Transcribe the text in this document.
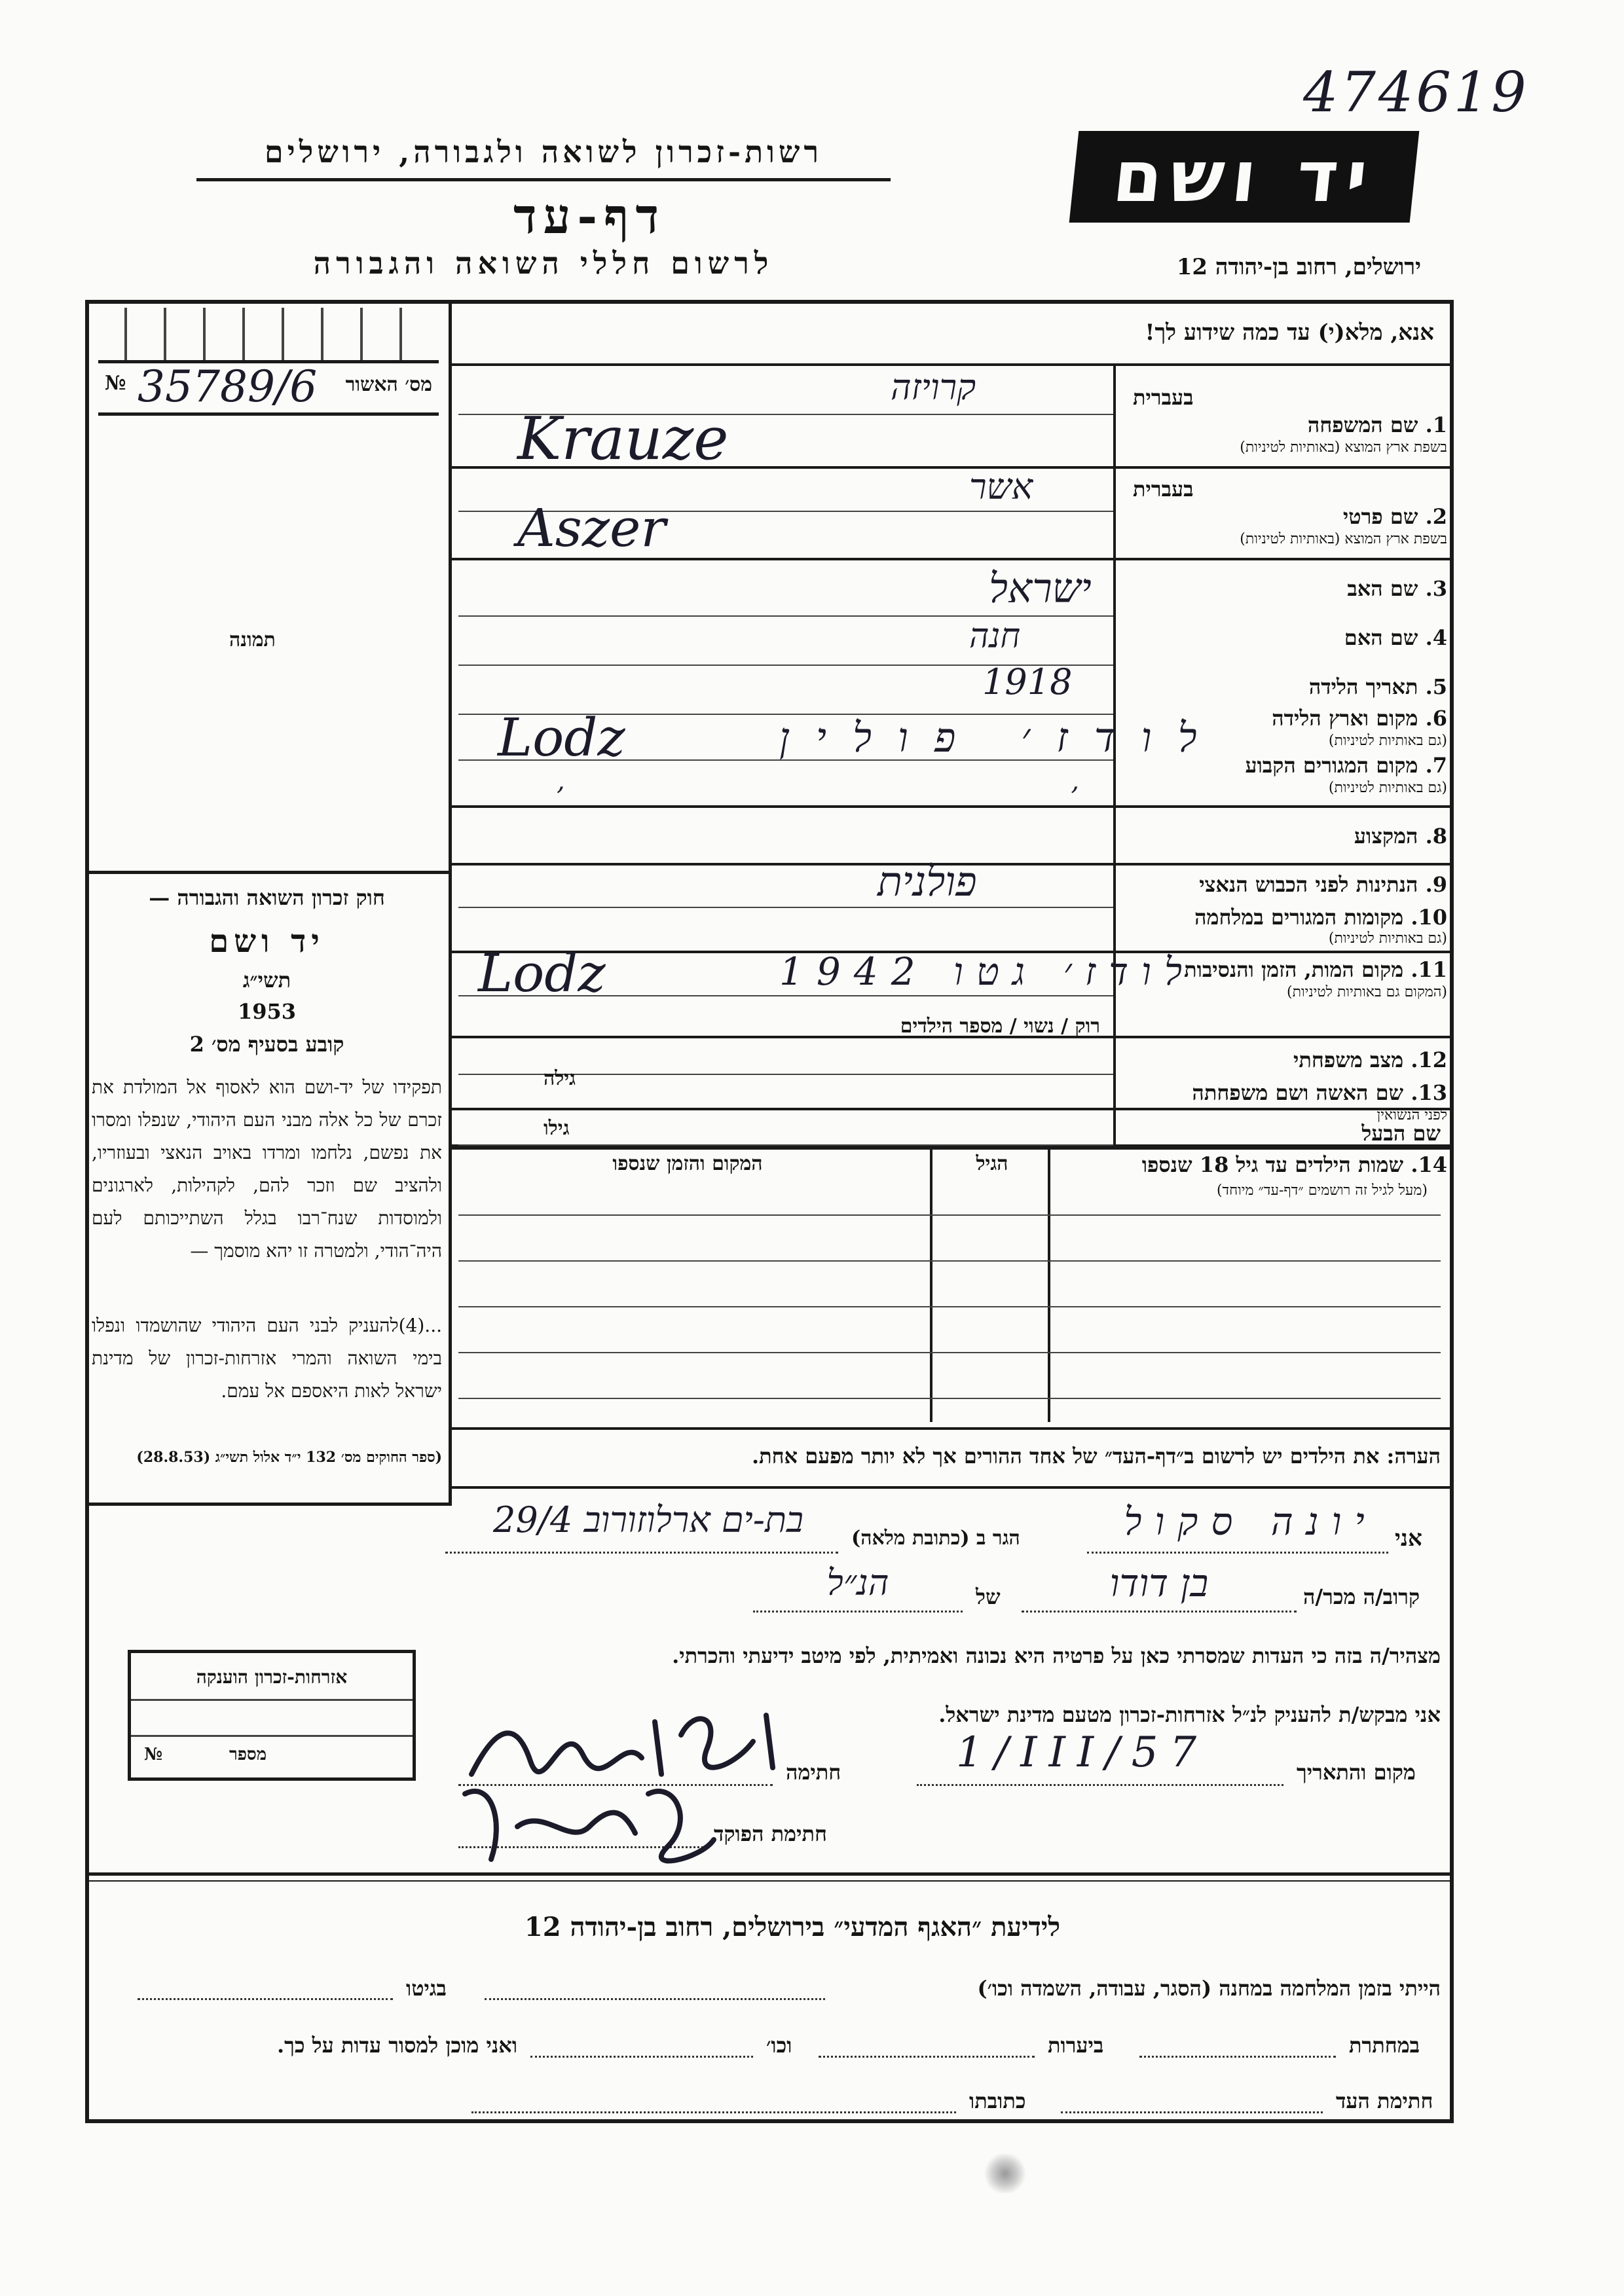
474619
רשות-זכרון לשואה ולגבורה, ירושלים
דף-עד
לרשום חללי השואה והגבורה
יד ושם
ירושלים, רחוב בן-יהודה 12
אנא, מלא(י) עד כמה שידוע לך!
מס׳ האשור
35789/6
№
תמונה
חוק זכרון השואה והגבורה —
יד ושם
תשי״ג
1953
קובע בסעיף מס׳ 2
תפקידו של יד-ושם הוא לאסוף אל המולדת את זכרם של כל אלה מבני העם היהודי, שנפלו ומסרו את נפשם, נלחמו ומרדו באויב הנאצי ובעוזריו, ולהציב שם וזכר להם, לקהילות, לארגונים ולמוסדות שנח־רבו בגלל השתייכותם לעם היה־הודי, ולמטרה זו יהא מוסמך —
...(4)להעניק לבני העם היהודי שהושמדו ונפלו בימי השואה והמרי אזרחות-זכרון של מדינת ישראל לאות היאספם אל עמם.
(ספר החוקים מס׳ 132 י״ד אלול תשי״ג (28.8.53)
בעברית
1. שם המשפחה
בשפת ארץ המוצא (באותיות לטיניות)
קרויזה
Krauze
בעברית
2. שם פרטי
בשפת ארץ המוצא (באותיות לטיניות)
אשר
Aszer
3. שם האב
ישראל
4. שם האם
חנה
5. תאריך הלידה
1918
6. מקום וארץ הלידה
(גם באותיות לטיניות)
לודז׳ פולין
Lodz	7. מקום המגורים הקבוע
(גם באותיות לטיניות)
, ,
8. המקצוע
9. הנתינות לפני הכבוש הנאצי
פולנית
10. מקומות המגורים במלחמה
(גם באותיות לטיניות)
11. מקום המות, הזמן והנסיבות
(המקום גם באותיות לטיניות)
לודז׳ גטו 1942
Lodz
12. מצב משפחתי
רוק / נשוי / מספר הילדים
13. שם האשה ושם משפחתה
לפני הנשואין
גילה
שם הבעל
גילו
14. שמות הילדים עד גיל 18 שנספו
(מעל לגיל זה רושמים ״דף-עד״ מיוחד)
הגיל
המקום והזמן שנספו
הערה: את הילדים יש לרשום ב״דף-העד״ של אחד ההורים אך לא יותר מפעם אחת.
אני
יונה סקול
הגר ב (כתובת מלאה)
בת-ים ארלוזורוב 29/4
קרוב/ה מכר/ה
בן דודו
של
הנ״ל
מצהיר/ה בזה כי העדות שמסרתי כאן על פרטיה היא נכונה ואמיתית, לפי מיטב ידיעתי והכרתי.
אני מבקש/ת להעניק לנ״ל אזרחות-זכרון מטעם מדינת ישראל.
מקום והתאריך
1/III/57
חתימה
חתימת הפוקד
אזרחות-זכרון הוענקה
מספר
№
לידיעת ״האגף המדעי״ בירושלים, רחוב בן-יהודה 12
הייתי בזמן המלחמה במחנה (הסגר, עבודה, השמדה וכו׳)
בגיטו
במחתרת
ביערות
וכו׳
ואני מוכן למסור עדות על כך.
חתימת העד
כתובתו
